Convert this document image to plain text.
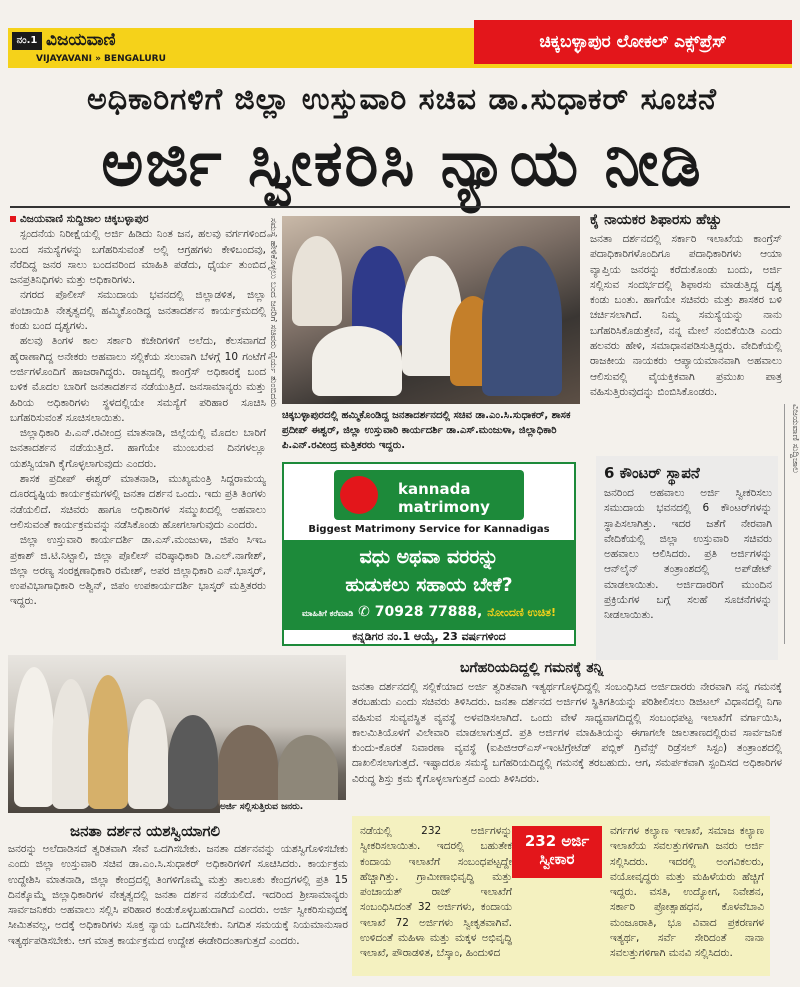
ನಂ.1 ವಿಜಯವಾಣಿ
VIJAYAVANI » BENGALURU
ಚಿಕ್ಕಬಳ್ಳಾಪುರ ಲೋಕಲ್ ಎಕ್ಸ್‌ಪ್ರೆಸ್
ಅಧಿಕಾರಿಗಳಿಗೆ ಜಿಲ್ಲಾ ಉಸ್ತುವಾರಿ ಸಚಿವ ಡಾ.ಸುಧಾಕರ್ ಸೂಚನೆ
ಅರ್ಜಿ ಸ್ವೀಕರಿಸಿ ನ್ಯಾಯ ನೀಡಿ
ವಿಜಯವಾಣಿ ಸುದ್ದಿಜಾಲ ಚಿಕ್ಕಬಳ್ಳಾಪುರ

ಸ್ಪಂದನೆಯ ನಿರೀಕ್ಷೆಯಲ್ಲಿ ಅರ್ಜಿ ಹಿಡಿದು ನಿಂತ ಜನ, ಹಲವು ವರ್ಗಗಳಿಂದ ಬಂದ ಸಮಸ್ಯೆಗಳನ್ನು ಬಗೆಹರಿಸುವಂತೆ ಅಲ್ಲಿ ಆಗ್ರಹಗಳು ಕೇಳಿಬಂದವು, ನೆರೆದಿದ್ದ ಜನರ ಸಾಲು ಬಂದವರಿಂದ ಮಾಹಿತಿ ಪಡೆದು, ಧೈರ್ಯ ತುಂಬಿದ ಜನಪ್ರತಿನಿಧಿಗಳು ಮತ್ತು ಅಧಿಕಾರಿಗಳು.

ನಗರದ ಪೊಲೀಸ್ ಸಮುದಾಯ ಭವನದಲ್ಲಿ ಜಿಲ್ಲಾಡಳಿತ, ಜಿಲ್ಲಾ ಪಂಚಾಯಿತಿ ನೇತೃತ್ವದಲ್ಲಿ ಹಮ್ಮಿಕೊಂಡಿದ್ದ ಜನತಾದರ್ಶನ ಕಾರ್ಯಕ್ರಮದಲ್ಲಿ ಕಂಡು ಬಂದ ದೃಶ್ಯಗಳು.

ಹಲವು ತಿಂಗಳ ಕಾಲ ಸರ್ಕಾರಿ ಕಚೇರಿಗಳಿಗೆ ಅಲೆದು, ಕೆಲಸವಾಗದೆ ಹೈರಾಣಾಗಿದ್ದ ಅನೇಕರು ಅಹವಾಲು ಸಲ್ಲಿಕೆಯ ಸಲುವಾಗಿ ಬೆಳಗ್ಗೆ 10 ಗಂಟೆಗೆ ಅರ್ಜಿಗಳೊಂದಿಗೆ ಹಾಜರಾಗಿದ್ದರು. ರಾಜ್ಯದಲ್ಲಿ ಕಾಂಗ್ರೆಸ್ ಅಧಿಕಾರಕ್ಕೆ ಬಂದ ಬಳಿಕ ಮೊದಲ ಬಾರಿಗೆ ಜನತಾದರ್ಶನ ನಡೆಯುತ್ತಿದೆ. ಜನಸಾಮಾನ್ಯರು ಮತ್ತು ಹಿರಿಯ ಅಧಿಕಾರಿಗಳು ಸ್ಥಳದಲ್ಲಿಯೇ ಸಮಸ್ಯೆಗೆ ಪರಿಹಾರ ಸೂಚಿಸಿ ಬಗೆಹರಿಸುವಂತೆ ಸೂಚಿಸಲಾಯಿತು.

ಜಿಲ್ಲಾಧಿಕಾರಿ ಪಿ.ಎನ್.ರವೀಂದ್ರ ಮಾತನಾಡಿ, ಜಿಲ್ಲೆಯಲ್ಲಿ ಮೊದಲ ಬಾರಿಗೆ ಜನತಾದರ್ಶನ ನಡೆಯುತ್ತಿದೆ. ಹಾಗೆಯೇ ಮುಂಬರುವ ದಿನಗಳಲ್ಲೂ ಯಶಸ್ವಿಯಾಗಿ ಕೈಗೊಳ್ಳಲಾಗುವುದು ಎಂದರು.

ಶಾಸಕ ಪ್ರದೀಪ್ ಈಶ್ವರ್ ಮಾತನಾಡಿ, ಮುಖ್ಯಮಂತ್ರಿ ಸಿದ್ದರಾಮಯ್ಯ ದೂರದೃಷ್ಟಿಯ ಕಾರ್ಯಕ್ರಮಗಳಲ್ಲಿ ಜನತಾ ದರ್ಶನ ಒಂದು. ಇದು ಪ್ರತಿ ತಿಂಗಳು ನಡೆಯಲಿದೆ. ಸಚಿವರು ಹಾಗೂ ಅಧಿಕಾರಿಗಳ ಸಮ್ಮುಖದಲ್ಲಿ ಅಹವಾಲು ಆಲಿಸುವಂತೆ ಕಾರ್ಯಕ್ರಮವನ್ನು ನಡೆಸಿಕೊಂಡು ಹೋಗಲಾಗುವುದು ಎಂದರು.

ಜಿಲ್ಲಾ ಉಸ್ತುವಾರಿ ಕಾರ್ಯದರ್ಶಿ ಡಾ.ಎಸ್.ಮಂಜುಳಾ, ಜಿಪಂ ಸಿಇಒ ಪ್ರಕಾಶ್ ಜಿ.ಟಿ.ನಿಟ್ಟಾಲಿ, ಜಿಲ್ಲಾ ಪೊಲೀಸ್ ವರಿಷ್ಠಾಧಿಕಾರಿ ಡಿ.ಎಲ್.ನಾಗೇಶ್, ಜಿಲ್ಲಾ ಅರಣ್ಯ ಸಂರಕ್ಷಣಾಧಿಕಾರಿ ರಮೇಶ್, ಅಪರ ಜಿಲ್ಲಾಧಿಕಾರಿ ಎನ್.ಭಾಸ್ಕರ್, ಉಪವಿಭಾಗಾಧಿಕಾರಿ ಅಶ್ವಿನ್, ಜಿಪಂ ಉಪಕಾರ್ಯದರ್ಶಿ ಭಾಸ್ಕರ್ ಮತ್ತಿತರರು ಇದ್ದರು.

ಸಮಸ್ಯೆ ಹೇಳಿಕೊಳ್ಳಲು ಬಂದ ಜನರಿಗೆ ಸಚಿವರು ಧೈರ್ಯ ತುಂಬಿದರು
ಚಿಕ್ಕಬಳ್ಳಾಪುರದಲ್ಲಿ ಹಮ್ಮಿಕೊಂಡಿದ್ದ ಜನತಾದರ್ಶನದಲ್ಲಿ ಸಚಿವ ಡಾ.ಎಂ.ಸಿ.ಸುಧಾಕರ್, ಶಾಸಕ ಪ್ರದೀಪ್ ಈಶ್ವರ್, ಜಿಲ್ಲಾ ಉಸ್ತುವಾರಿ ಕಾರ್ಯದರ್ಶಿ ಡಾ.ಎಸ್.ಮಂಜುಳಾ, ಜಿಲ್ಲಾಧಿಕಾರಿ ಪಿ.ಎನ್.ರವೀಂದ್ರ ಮತ್ತಿತರರು ಇದ್ದರು.
ಕೈ ನಾಯಕರ ಶಿಫಾರಸು ಹೆಚ್ಚು
ಜನತಾ ದರ್ಶನದಲ್ಲಿ ಸರ್ಕಾರಿ ಇಲಾಖೆಯ ಕಾಂಗ್ರೆಸ್ ಪದಾಧಿಕಾರಿಗಳೊಂದಿಗೂ ಪದಾಧಿಕಾರಿಗಳು ಆಯಾ ವ್ಯಾಪ್ತಿಯ ಜನರನ್ನು ಕರೆದುಕೊಂಡು ಬಂದು, ಅರ್ಜಿ ಸಲ್ಲಿಸುವ ಸಂದರ್ಭದಲ್ಲಿ ಶಿಫಾರಸು ಮಾಡುತ್ತಿದ್ದ ದೃಶ್ಯ ಕಂಡು ಬಂತು. ಹಾಗೆಯೇ ಸಚಿವರು ಮತ್ತು ಶಾಸಕರ ಬಳಿ ಚರ್ಚಿಸಲಾಗಿದೆ. ನಿಮ್ಮ ಸಮಸ್ಯೆಯನ್ನು ನಾನು ಬಗೆಹರಿಸಿಕೊಡುತ್ತೇನೆ, ನನ್ನ ಮೇಲೆ ನಂಬಿಕೆಯಿಡಿ ಎಂದು ಹಲವರು ಹೇಳಿ, ಸಮಾಧಾನಪಡಿಸುತ್ತಿದ್ದರು. ವೇದಿಕೆಯಲ್ಲಿ ರಾಜಕೀಯ ನಾಯಕರು ಆಪ್ಯಾಯಮಾನವಾಗಿ ಅಹವಾಲು ಆಲಿಸುವಲ್ಲಿ ವೈಯಕ್ತಿಕವಾಗಿ ಪ್ರಮುಖ ಪಾತ್ರ ವಹಿಸುತ್ತಿರುವುದನ್ನು ಬಿಂಬಿಸಿಕೊಂಡರು.
kannada
matrimony
Biggest Matrimony Service for Kannadigas
ವಧು ಅಥವಾ ವರರನ್ನು
ಹುಡುಕಲು ಸಹಾಯ ಬೇಕೆ?
ಮಾಹಿತಿಗೆ ಕರೆಮಾಡಿ ✆ 70928 77888, ನೋಂದಣಿ ಉಚಿತ!
ಕನ್ನಡಿಗರ ನಂ.1 ಆಯ್ಕೆ, 23 ವರ್ಷಗಳಿಂದ
6 ಕೌಂಟರ್ ಸ್ಥಾಪನೆ
ಜನರಿಂದ ಅಹವಾಲು ಅರ್ಜಿ ಸ್ವೀಕರಿಸಲು ಸಮುದಾಯ ಭವನದಲ್ಲಿ 6 ಕೌಂಟರ್‌ಗಳನ್ನು ಸ್ಥಾಪಿಸಲಾಗಿತ್ತು. ಇದರ ಜತೆಗೆ ನೇರವಾಗಿ ವೇದಿಕೆಯಲ್ಲಿ ಜಿಲ್ಲಾ ಉಸ್ತುವಾರಿ ಸಚಿವರು ಅಹವಾಲು ಆಲಿಸಿದರು. ಪ್ರತಿ ಅರ್ಜಿಗಳನ್ನು ಆನ್‌ಲೈನ್ ತಂತ್ರಾಂಶದಲ್ಲಿ ಅಪ್‌ಡೇಟ್ ಮಾಡಲಾಯಿತು. ಅರ್ಜಿದಾರರಿಗೆ ಮುಂದಿನ ಪ್ರಕ್ರಿಯೆಗಳ ಬಗ್ಗೆ ಸಲಹೆ ಸೂಚನೆಗಳನ್ನು ನೀಡಲಾಯಿತು.
ವಿಜಯವಾಣಿ ಸುದ್ದಿಜಾಲ
ಬಗೆಹರಿಯದಿದ್ದಲ್ಲಿ ಗಮನಕ್ಕೆ ತನ್ನಿ
ಜನತಾ ದರ್ಶನದಲ್ಲಿ ಸಲ್ಲಿಕೆಯಾದ ಅರ್ಜಿ ತ್ವರಿತವಾಗಿ ಇತ್ಯರ್ಥಗೊಳ್ಳದಿದ್ದಲ್ಲಿ ಸಂಬಂಧಿಸಿದ ಅರ್ಜಿದಾರರು ನೇರವಾಗಿ ನನ್ನ ಗಮನಕ್ಕೆ ತರಬಹುದು ಎಂದು ಸಚಿವರು ತಿಳಿಸಿದರು. ಜನತಾ ದರ್ಶನದ ಅರ್ಜಿಗಳ ಸ್ಥಿತಿಗತಿಯನ್ನು ಪರಿಶೀಲಿಸಲು ಡಿಜಿಟಲ್ ವಿಧಾನದಲ್ಲಿ ನಿಗಾ ವಹಿಸುವ ಸುವ್ಯವಸ್ಥಿತ ವ್ಯವಸ್ಥೆ ಅಳವಡಿಸಲಾಗಿದೆ. ಒಂದು ವೇಳೆ ಸಾಧ್ಯವಾಗದಿದ್ದಲ್ಲಿ ಸಂಬಂಧಪಟ್ಟ ಇಲಾಖೆಗೆ ವರ್ಗಾಯಿಸಿ, ಕಾಲಮಿತಿಯೊಳಗೆ ವಿಲೇವಾರಿ ಮಾಡಲಾಗುತ್ತದೆ. ಪ್ರತಿ ಅರ್ಜಿಗಳ ಮಾಹಿತಿಯನ್ನು ಈಗಾಗಲೇ ಜಾಲತಾಣದಲ್ಲಿರುವ ಸಾರ್ವಜನಿಕ ಕುಂದು-ಕೊರತೆ ನಿವಾರಣಾ ವ್ಯವಸ್ಥೆ (ಐಪಿಜಿಆರ್‌ಎಸ್-ಇಂಟಿಗ್ರೇಟೆಡ್ ಪಬ್ಲಿಕ್ ಗ್ರಿವೆನ್ಸ್ ರಿಡ್ರೆಸಲ್ ಸಿಸ್ಟಂ) ತಂತ್ರಾಂಶದಲ್ಲಿ ದಾಖಲಿಸಲಾಗುತ್ತದೆ. ಇಷ್ಟಾದರೂ ಸಮಸ್ಯೆ ಬಗೆಹರಿಯದಿದ್ದಲ್ಲಿ ಗಮನಕ್ಕೆ ತರಬಹುದು. ಆಗ, ಸಮರ್ಪಕವಾಗಿ ಸ್ಪಂದಿಸದ ಅಧಿಕಾರಿಗಳ ವಿರುದ್ಧ ಶಿಸ್ತು ಕ್ರಮ ಕೈಗೊಳ್ಳಲಾಗುತ್ತದೆ ಎಂದು ತಿಳಿಸಿದರು.
ಅರ್ಜಿ ಸಲ್ಲಿಸುತ್ತಿರುವ ಜನರು.
ಜನತಾ ದರ್ಶನ ಯಶಸ್ವಿಯಾಗಲಿ
ಜನರನ್ನು ಅಲೆದಾಡಿಸದೆ ತ್ವರಿತವಾಗಿ ಸೇವೆ ಒದಗಿಸಬೇಕು. ಜನತಾ ದರ್ಶನವನ್ನು ಯಶಸ್ವಿಗೊಳಿಸಬೇಕು ಎಂದು ಜಿಲ್ಲಾ ಉಸ್ತುವಾರಿ ಸಚಿವ ಡಾ.ಎಂ.ಸಿ.ಸುಧಾಕರ್ ಅಧಿಕಾರಿಗಳಿಗೆ ಸೂಚಿಸಿದರು. ಕಾರ್ಯಕ್ರಮ ಉದ್ದೇಶಿಸಿ ಮಾತನಾಡಿ, ಜಿಲ್ಲಾ ಕೇಂದ್ರದಲ್ಲಿ ತಿಂಗಳಿಗೊಮ್ಮೆ ಮತ್ತು ತಾಲೂಕು ಕೇಂದ್ರಗಳಲ್ಲಿ ಪ್ರತಿ 15 ದಿನಕ್ಕೊಮ್ಮೆ ಜಿಲ್ಲಾಧಿಕಾರಿಗಳ ನೇತೃತ್ವದಲ್ಲಿ ಜನತಾ ದರ್ಶನ ನಡೆಯಲಿದೆ. ಇದರಿಂದ ಶ್ರೀಸಾಮಾನ್ಯರು ಸಾರ್ವಜನಿಕರು ಅಹವಾಲು ಸಲ್ಲಿಸಿ ಪರಿಹಾರ ಕಂಡುಕೊಳ್ಳಬಹುದಾಗಿದೆ ಎಂದರು. ಅರ್ಜಿ ಸ್ವೀಕರಿಸುವುದಕ್ಕೆ ಸೀಮಿತವಲ್ಲ, ಅದಕ್ಕೆ ಅಧಿಕಾರಿಗಳು ಸೂಕ್ತ ನ್ಯಾಯ ಒದಗಿಸಬೇಕು. ನಿಗದಿತ ಸಮಯಕ್ಕೆ ನಿಯಮಾನುಸಾರ ಇತ್ಯರ್ಥಪಡಿಸಬೇಕು. ಆಗ ಮಾತ್ರ ಕಾರ್ಯಕ್ರಮದ ಉದ್ದೇಶ ಈಡೇರಿದಂತಾಗುತ್ತದೆ ಎಂದರು.
ನಡೆಯಲ್ಲಿ 232 ಅರ್ಜಿಗಳನ್ನು ಸ್ವೀಕರಿಸಲಾಯಿತು. ಇದರಲ್ಲಿ ಬಹುತೇಕ ಕಂದಾಯ ಇಲಾಖೆಗೆ ಸಂಬಂಧಪಟ್ಟದ್ದೇ ಹೆಚ್ಚಾಗಿತ್ತು. ಗ್ರಾಮೀಣಾಭಿವೃದ್ಧಿ ಮತ್ತು ಪಂಚಾಯತ್ ರಾಜ್ ಇಲಾಖೆಗೆ ಸಂಬಂಧಿಸಿದಂತೆ 32 ಅರ್ಜಿಗಳು, ಕಂದಾಯ ಇಲಾಖೆ 72 ಅರ್ಜಿಗಳು ಸ್ವೀಕೃತವಾಗಿವೆ. ಉಳಿದಂತೆ ಮಹಿಳಾ ಮತ್ತು ಮಕ್ಕಳ ಅಭಿವೃದ್ಧಿ ಇಲಾಖೆ, ಪೌರಾಡಳಿತ, ಬೆಸ್ಕಾಂ, ಹಿಂದುಳಿದ
ವರ್ಗಗಳ ಕಲ್ಯಾಣ ಇಲಾಖೆ, ಸಮಾಜ ಕಲ್ಯಾಣ ಇಲಾಖೆಯ ಸವಲತ್ತುಗಳಿಗಾಗಿ ಜನರು ಅರ್ಜಿ ಸಲ್ಲಿಸಿದರು. ಇದರಲ್ಲಿ ಅಂಗವಿಕಲರು, ವಯೋವೃದ್ಧರು ಮತ್ತು ಮಹಿಳೆಯರು ಹೆಚ್ಚಿಗೆ ಇದ್ದರು. ವಸತಿ, ಉದ್ಯೋಗ, ನಿವೇಶನ, ಸರ್ಕಾರಿ ಪ್ರೋತ್ಸಾಹಧನ, ಕೊಳವೆಬಾವಿ ಮಂಜೂರಾತಿ, ಭೂ ವಿವಾದ ಪ್ರಕರಣಗಳ ಇತ್ಯರ್ಥ, ಸರ್ವೆ ಸೇರಿದಂತೆ ನಾನಾ ಸವಲತ್ತುಗಳಿಗಾಗಿ ಮನವಿ ಸಲ್ಲಿಸಿದರು.
232 ಅರ್ಜಿ
ಸ್ವೀಕಾರ
